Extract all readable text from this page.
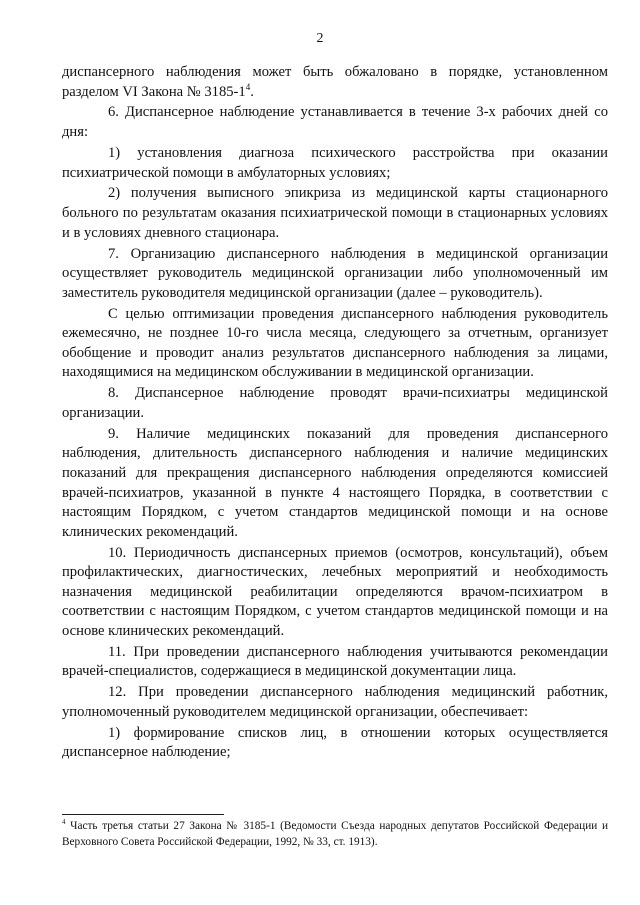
2

диспансерного наблюдения может быть обжаловано в порядке, установленном разделом VI Закона № $3185-1^4$.

6. Диспансерное наблюдение устанавливается в течение 3-х рабочих дней со дня:

1) установления диагноза психического расстройства при оказании психиатрической помощи в амбулаторных условиях;

2) получения выписного эпикриза из медицинской карты стационарного больного по результатам оказания психиатрической помощи в стационарных условиях и в условиях дневного стационара.

7. Организацию диспансерного наблюдения в медицинской организации осуществляет руководитель медицинской организации либо уполномоченный им заместитель руководителя медицинской организации (далее – руководитель).

С целью оптимизации проведения диспансерного наблюдения руководитель ежемесячно, не позднее 10-го числа месяца, следующего за отчетным, организует обобщение и проводит анализ результатов диспансерного наблюдения за лицами, находящимися на медицинском обслуживании в медицинской организации.

8. Диспансерное наблюдение проводят врачи-психиатры медицинской организации.

9. Наличие медицинских показаний для проведения диспансерного наблюдения, длительность диспансерного наблюдения и наличие медицинских показаний для прекращения диспансерного наблюдения определяются комиссией врачей-психиатров, указанной в пункте 4 настоящего Порядка, в соответствии с настоящим Порядком, с учетом стандартов медицинской помощи и на основе клинических рекомендаций.

10. Периодичность диспансерных приемов (осмотров, консультаций), объем профилактических, диагностических, лечебных мероприятий и необходимость назначения медицинской реабилитации определяются врачом-психиатром в соответствии с настоящим Порядком, с учетом стандартов медицинской помощи и на основе клинических рекомендаций.

11. При проведении диспансерного наблюдения учитываются рекомендации врачей-специалистов, содержащиеся в медицинской документации лица.

12. При проведении диспансерного наблюдения медицинский работник, уполномоченный руководителем медицинской организации, обеспечивает:

1) формирование списков лиц, в отношении которых осуществляется диспансерное наблюдение;

$^4$ Часть третья статьи 27 Закона № 3185-1 (Ведомости Съезда народных депутатов Российской Федерации и Верховного Совета Российской Федерации, 1992, № 33, ст. 1913).
